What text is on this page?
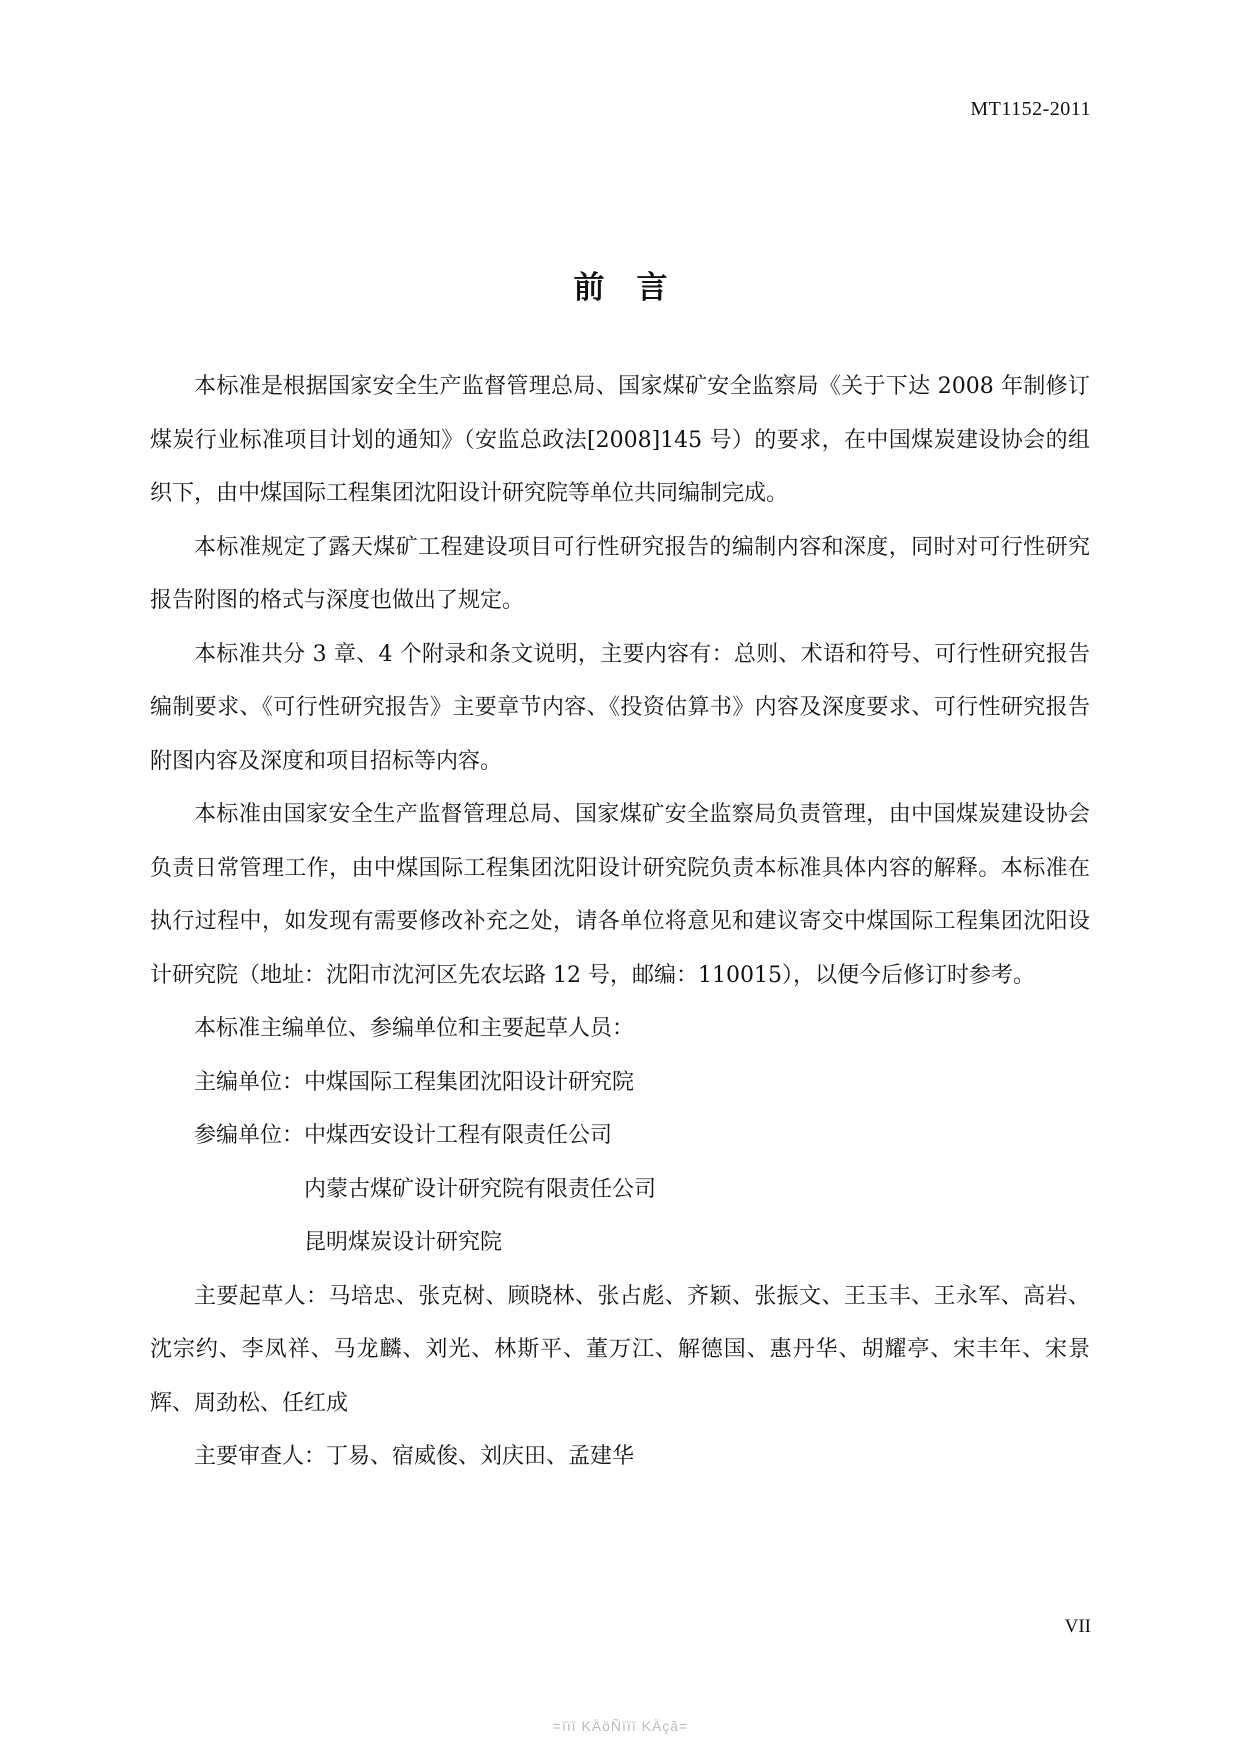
MT1152-2011
前言

本标准是根据国家安全生产监督管理总局、国家煤矿安全监察局《关于下达 2008 年制修订煤炭行业标准项目计划的通知》（安监总政法[2008]145 号）的要求，在中国煤炭建设协会的组织下，由中煤国际工程集团沈阳设计研究院等单位共同编制完成。

本标准规定了露天煤矿工程建设项目可行性研究报告的编制内容和深度，同时对可行性研究报告附图的格式与深度也做出了规定。

本标准共分 3 章、4 个附录和条文说明，主要内容有：总则、术语和符号、可行性研究报告编制要求、《可行性研究报告》主要章节内容、《投资估算书》内容及深度要求、可行性研究报告附图内容及深度和项目招标等内容。

本标准由国家安全生产监督管理总局、国家煤矿安全监察局负责管理，由中国煤炭建设协会负责日常管理工作，由中煤国际工程集团沈阳设计研究院负责本标准具体内容的解释。本标准在执行过程中，如发现有需要修改补充之处，请各单位将意见和建议寄交中煤国际工程集团沈阳设计研究院（地址：沈阳市沈河区先农坛路 12 号，邮编：110015），以便今后修订时参考。

本标准主编单位、参编单位和主要起草人员：

主编单位：中煤国际工程集团沈阳设计研究院

参编单位：中煤西安设计工程有限责任公司

内蒙古煤矿设计研究院有限责任公司

昆明煤炭设计研究院

主要起草人：马培忠、张克树、顾晓林、张占彪、齐颖、张振文、王玉丰、王永军、高岩、沈宗约、李凤祥、马龙麟、刘光、林斯平、董万江、解德国、惠丹华、胡耀亭、宋丰年、宋景辉、周劲松、任红成

主要审查人：丁易、宿威俊、刘庆田、孟建华

VII
=ïïï KÄöÑïïï KÄçã=
